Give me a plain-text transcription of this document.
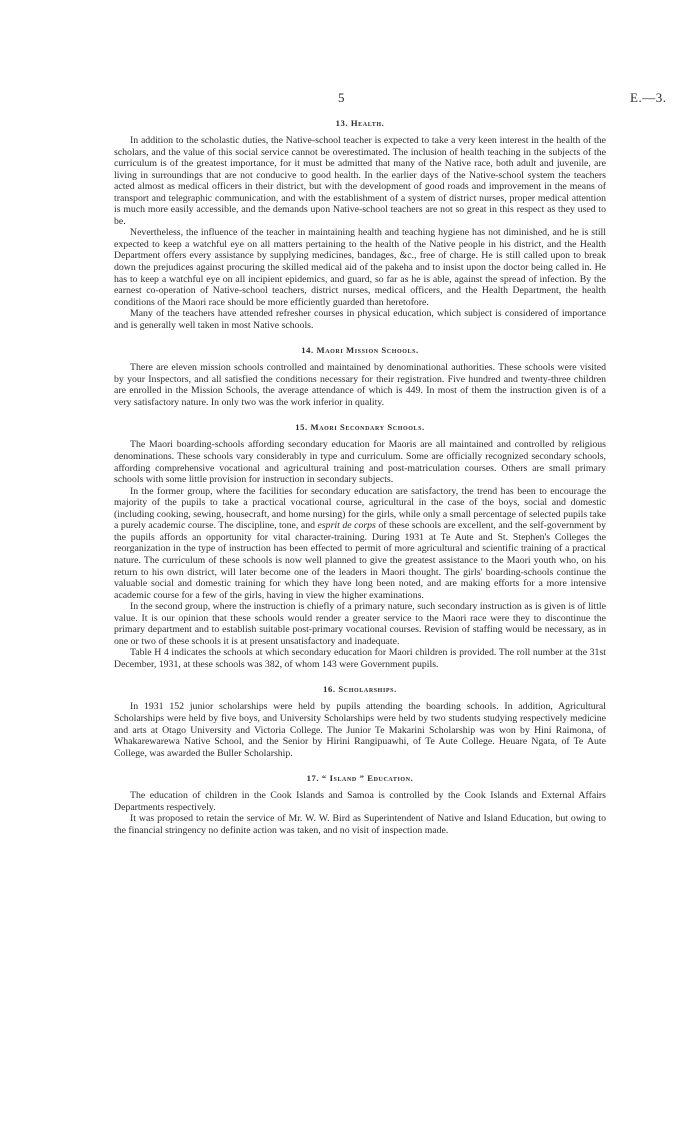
5	E.—3.
13. Health.

In addition to the scholastic duties, the Native-school teacher is expected to take a very keen interest in the health of the scholars, and the value of this social service cannot be overestimated. The inclusion of health teaching in the subjects of the curriculum is of the greatest importance, for it must be admitted that many of the Native race, both adult and juvenile, are living in surroundings that are not conducive to good health. In the earlier days of the Native-school system the teachers acted almost as medical officers in their district, but with the development of good roads and improvement in the means of transport and telegraphic communication, and with the establishment of a system of district nurses, proper medical attention is much more easily accessible, and the demands upon Native-school teachers are not so great in this respect as they used to be.

Nevertheless, the influence of the teacher in maintaining health and teaching hygiene has not diminished, and he is still expected to keep a watchful eye on all matters pertaining to the health of the Native people in his district, and the Health Department offers every assistance by supplying medicines, bandages, &c., free of charge. He is still called upon to break down the prejudices against procuring the skilled medical aid of the pakeha and to insist upon the doctor being called in. He has to keep a watchful eye on all incipient epidemics, and guard, so far as he is able, against the spread of infection. By the earnest co-operation of Native-school teachers, district nurses, medical officers, and the Health Department, the health conditions of the Maori race should be more efficiently guarded than heretofore.

Many of the teachers have attended refresher courses in physical education, which subject is considered of importance and is generally well taken in most Native schools.

14. Maori Mission Schools.

There are eleven mission schools controlled and maintained by denominational authorities. These schools were visited by your Inspectors, and all satisfied the conditions necessary for their registration. Five hundred and twenty-three children are enrolled in the Mission Schools, the average attendance of which is 449. In most of them the instruction given is of a very satisfactory nature. In only two was the work inferior in quality.

15. Maori Secondary Schools.

The Maori boarding-schools affording secondary education for Maoris are all maintained and controlled by religious denominations. These schools vary considerably in type and curriculum. Some are officially recognized secondary schools, affording comprehensive vocational and agricultural training and post-matriculation courses. Others are small primary schools with some little provision for instruction in secondary subjects.

In the former group, where the facilities for secondary education are satisfactory, the trend has been to encourage the majority of the pupils to take a practical vocational course, agricultural in the case of the boys, social and domestic (including cooking, sewing, housecraft, and home nursing) for the girls, while only a small percentage of selected pupils take a purely academic course. The discipline, tone, and esprit de corps of these schools are excellent, and the self-government by the pupils affords an opportunity for vital character-training. During 1931 at Te Aute and St. Stephen's Colleges the reorganization in the type of instruction has been effected to permit of more agricultural and scientific training of a practical nature. The curriculum of these schools is now well planned to give the greatest assistance to the Maori youth who, on his return to his own district, will later become one of the leaders in Maori thought. The girls' boarding-schools continue the valuable social and domestic training for which they have long been noted, and are making efforts for a more intensive academic course for a few of the girls, having in view the higher examinations.

In the second group, where the instruction is chiefly of a primary nature, such secondary instruction as is given is of little value. It is our opinion that these schools would render a greater service to the Maori race were they to discontinue the primary department and to establish suitable post-primary vocational courses. Revision of staffing would be necessary, as in one or two of these schools it is at present unsatisfactory and inadequate.

Table H 4 indicates the schools at which secondary education for Maori children is provided. The roll number at the 31st December, 1931, at these schools was 382, of whom 143 were Government pupils.

16. Scholarships.

In 1931 152 junior scholarships were held by pupils attending the boarding schools. In addition, Agricultural Scholarships were held by five boys, and University Scholarships were held by two students studying respectively medicine and arts at Otago University and Victoria College. The Junior Te Makarini Scholarship was won by Hini Raimona, of Whakarewarewa Native School, and the Senior by Hirini Rangipuawhi, of Te Aute College. Heuare Ngata, of Te Aute College, was awarded the Buller Scholarship.

17. “ Island ” Education.

The education of children in the Cook Islands and Samoa is controlled by the Cook Islands and External Affairs Departments respectively.

It was proposed to retain the service of Mr. W. W. Bird as Superintendent of Native and Island Education, but owing to the financial stringency no definite action was taken, and no visit of inspection made.
